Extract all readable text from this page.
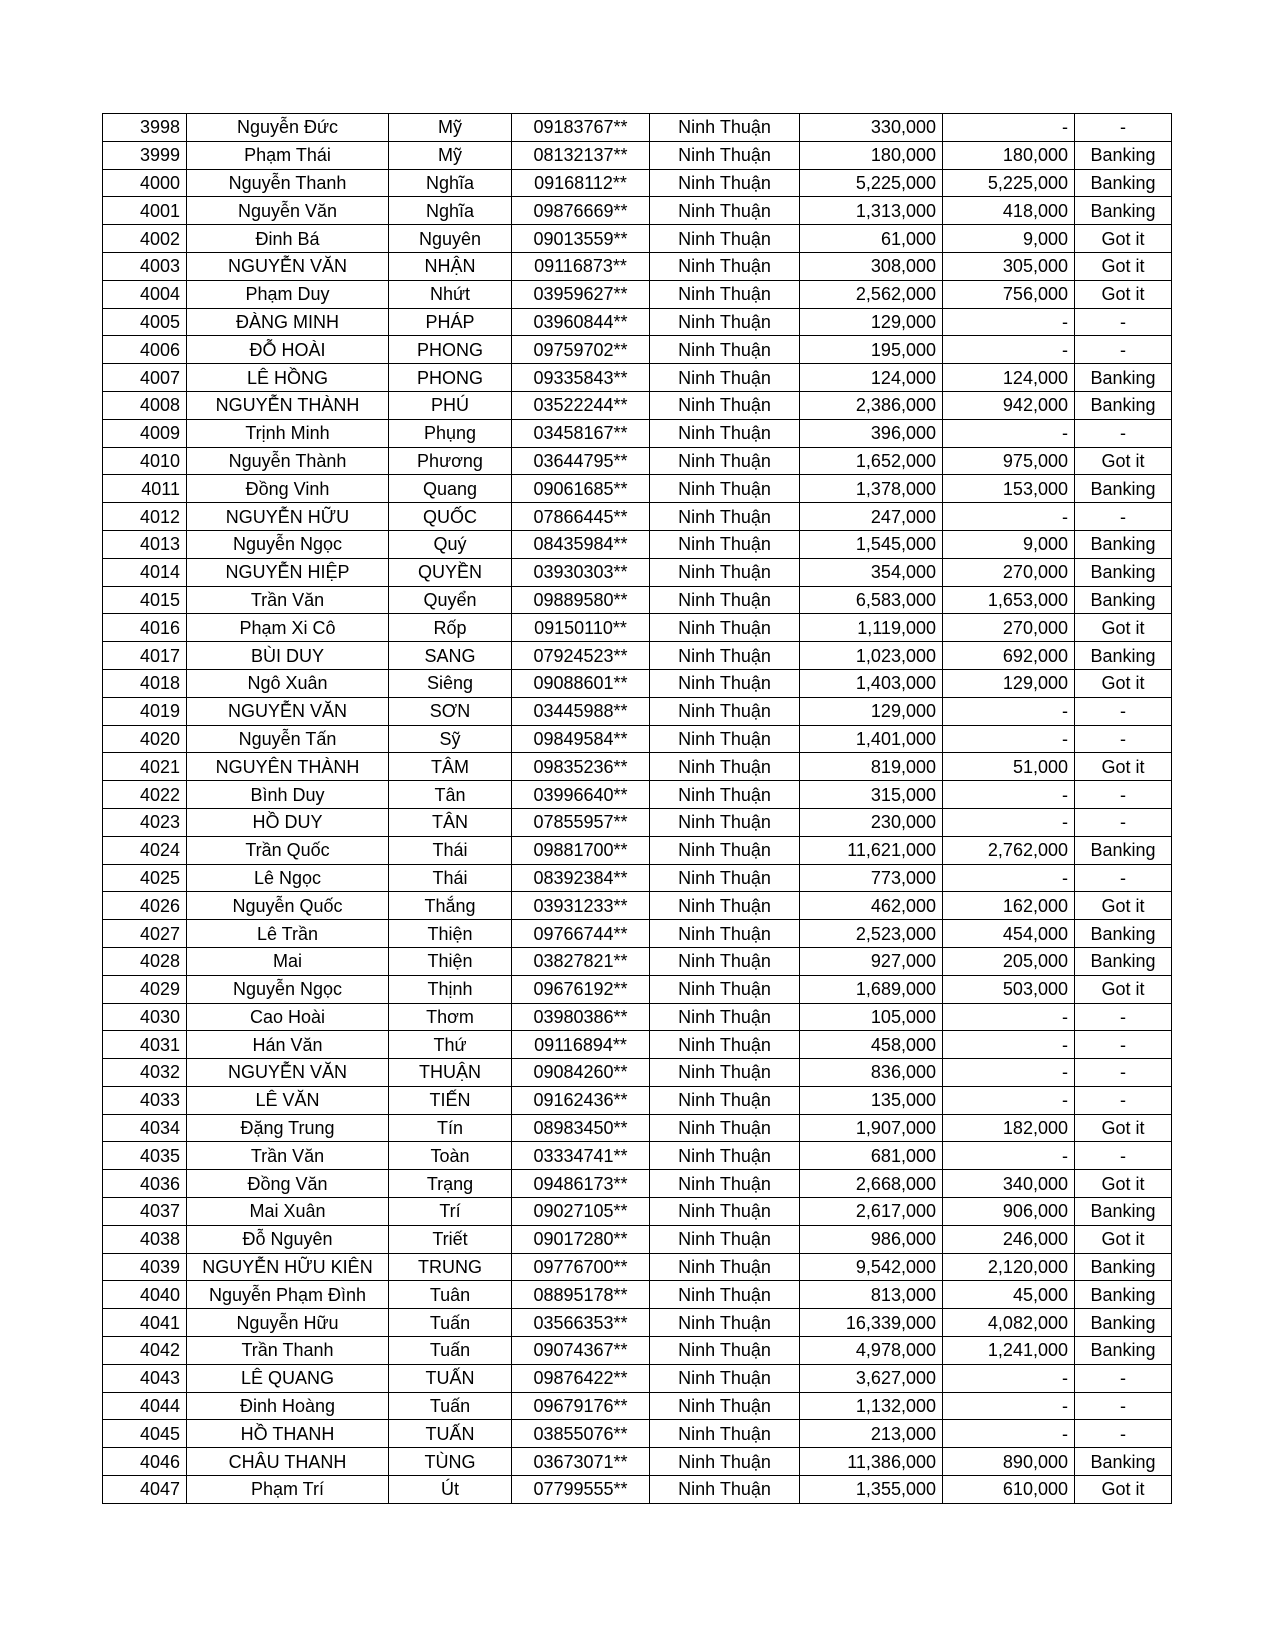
3998	Nguyễn Đức	Mỹ	09183767**	Ninh Thuận	330,000	-	-
3999	Phạm Thái	Mỹ	08132137**	Ninh Thuận	180,000	180,000	Banking
4000	Nguyễn Thanh	Nghĩa	09168112**	Ninh Thuận	5,225,000	5,225,000	Banking
4001	Nguyễn Văn	Nghĩa	09876669**	Ninh Thuận	1,313,000	418,000	Banking
4002	Đinh Bá	Nguyên	09013559**	Ninh Thuận	61,000	9,000	Got it
4003	NGUYỄN VĂN	NHẬN	09116873**	Ninh Thuận	308,000	305,000	Got it
4004	Phạm Duy	Nhứt	03959627**	Ninh Thuận	2,562,000	756,000	Got it
4005	ĐÀNG MINH	PHÁP	03960844**	Ninh Thuận	129,000	-	-
4006	ĐỖ HOÀI	PHONG	09759702**	Ninh Thuận	195,000	-	-
4007	LÊ HỒNG	PHONG	09335843**	Ninh Thuận	124,000	124,000	Banking
4008	NGUYỄN THÀNH	PHÚ	03522244**	Ninh Thuận	2,386,000	942,000	Banking
4009	Trịnh Minh	Phụng	03458167**	Ninh Thuận	396,000	-	-
4010	Nguyễn Thành	Phương	03644795**	Ninh Thuận	1,652,000	975,000	Got it
4011	Đồng Vinh	Quang	09061685**	Ninh Thuận	1,378,000	153,000	Banking
4012	NGUYỄN HỮU	QUỐC	07866445**	Ninh Thuận	247,000	-	-
4013	Nguyễn Ngọc	Quý	08435984**	Ninh Thuận	1,545,000	9,000	Banking
4014	NGUYỄN HIỆP	QUYỀN	03930303**	Ninh Thuận	354,000	270,000	Banking
4015	Trần Văn	Quyển	09889580**	Ninh Thuận	6,583,000	1,653,000	Banking
4016	Phạm Xi Cô	Rốp	09150110**	Ninh Thuận	1,119,000	270,000	Got it
4017	BÙI DUY	SANG	07924523**	Ninh Thuận	1,023,000	692,000	Banking
4018	Ngô Xuân	Siêng	09088601**	Ninh Thuận	1,403,000	129,000	Got it
4019	NGUYỄN VĂN	SƠN	03445988**	Ninh Thuận	129,000	-	-
4020	Nguyễn Tấn	Sỹ	09849584**	Ninh Thuận	1,401,000	-	-
4021	NGUYÊN THÀNH	TÂM	09835236**	Ninh Thuận	819,000	51,000	Got it
4022	Bình Duy	Tân	03996640**	Ninh Thuận	315,000	-	-
4023	HỒ DUY	TÂN	07855957**	Ninh Thuận	230,000	-	-
4024	Trần Quốc	Thái	09881700**	Ninh Thuận	11,621,000	2,762,000	Banking
4025	Lê Ngọc	Thái	08392384**	Ninh Thuận	773,000	-	-
4026	Nguyễn Quốc	Thắng	03931233**	Ninh Thuận	462,000	162,000	Got it
4027	Lê Trần	Thiện	09766744**	Ninh Thuận	2,523,000	454,000	Banking
4028	Mai	Thiện	03827821**	Ninh Thuận	927,000	205,000	Banking
4029	Nguyễn Ngọc	Thịnh	09676192**	Ninh Thuận	1,689,000	503,000	Got it
4030	Cao Hoài	Thơm	03980386**	Ninh Thuận	105,000	-	-
4031	Hán Văn	Thứ	09116894**	Ninh Thuận	458,000	-	-
4032	NGUYỄN VĂN	THUẬN	09084260**	Ninh Thuận	836,000	-	-
4033	LÊ VĂN	TIẾN	09162436**	Ninh Thuận	135,000	-	-
4034	Đặng Trung	Tín	08983450**	Ninh Thuận	1,907,000	182,000	Got it
4035	Trần Văn	Toàn	03334741**	Ninh Thuận	681,000	-	-
4036	Đồng Văn	Trạng	09486173**	Ninh Thuận	2,668,000	340,000	Got it
4037	Mai Xuân	Trí	09027105**	Ninh Thuận	2,617,000	906,000	Banking
4038	Đỗ Nguyên	Triết	09017280**	Ninh Thuận	986,000	246,000	Got it
4039	NGUYỄN HỮU KIÊN	TRUNG	09776700**	Ninh Thuận	9,542,000	2,120,000	Banking
4040	Nguyễn Phạm Đình	Tuân	08895178**	Ninh Thuận	813,000	45,000	Banking
4041	Nguyễn Hữu	Tuấn	03566353**	Ninh Thuận	16,339,000	4,082,000	Banking
4042	Trần Thanh	Tuấn	09074367**	Ninh Thuận	4,978,000	1,241,000	Banking
4043	LÊ QUANG	TUẤN	09876422**	Ninh Thuận	3,627,000	-	-
4044	Đinh Hoàng	Tuấn	09679176**	Ninh Thuận	1,132,000	-	-
4045	HỒ THANH	TUẤN	03855076**	Ninh Thuận	213,000	-	-
4046	CHÂU THANH	TÙNG	03673071**	Ninh Thuận	11,386,000	890,000	Banking
4047	Phạm Trí	Út	07799555**	Ninh Thuận	1,355,000	610,000	Got it
